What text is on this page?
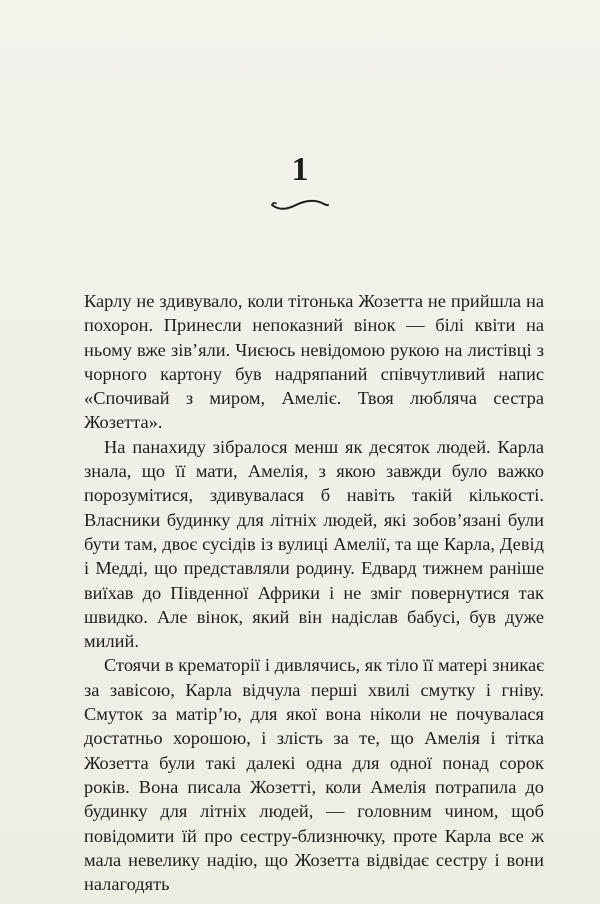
1

Карлу не здивувало, коли тітонька Жозетта не прийшла на похорон. Принесли непоказний вінок — білі квіти на ньому вже зів’яли. Чиєюсь невідомою рукою на листівці з чорного картону був надряпаний співчутливий напис «Спочивай з миром, Амеліє. Твоя любляча сестра Жозетта».

На панахиду зібралося менш як десяток людей. Карла знала, що її мати, Амелія, з якою завжди було важко порозумітися, здивувалася б навіть такій кількості. Власники будинку для літніх людей, які зобов’язані були бути там, двоє сусідів із вулиці Амелії, та ще Карла, Девід і Медді, що представляли родину. Едвард тижнем раніше виїхав до Південної Африки і не зміг повернутися так швидко. Але вінок, який він надіслав бабусі, був дуже милий.

Стоячи в крематорії і дивлячись, як тіло її матері зникає за завісою, Карла відчула перші хвилі смутку і гніву. Смуток за матір’ю, для якої вона ніколи не почувалася достатньо хорошою, і злість за те, що Амелія і тітка Жозетта були такі далекі одна для одної понад сорок років. Вона писала Жозетті, коли Амелія потрапила до будинку для літніх людей, — головним чином, щоб повідомити їй про сестру-близнючку, проте Карла все ж мала невелику надію, що Жозетта відвідає сестру і вони налагодять
